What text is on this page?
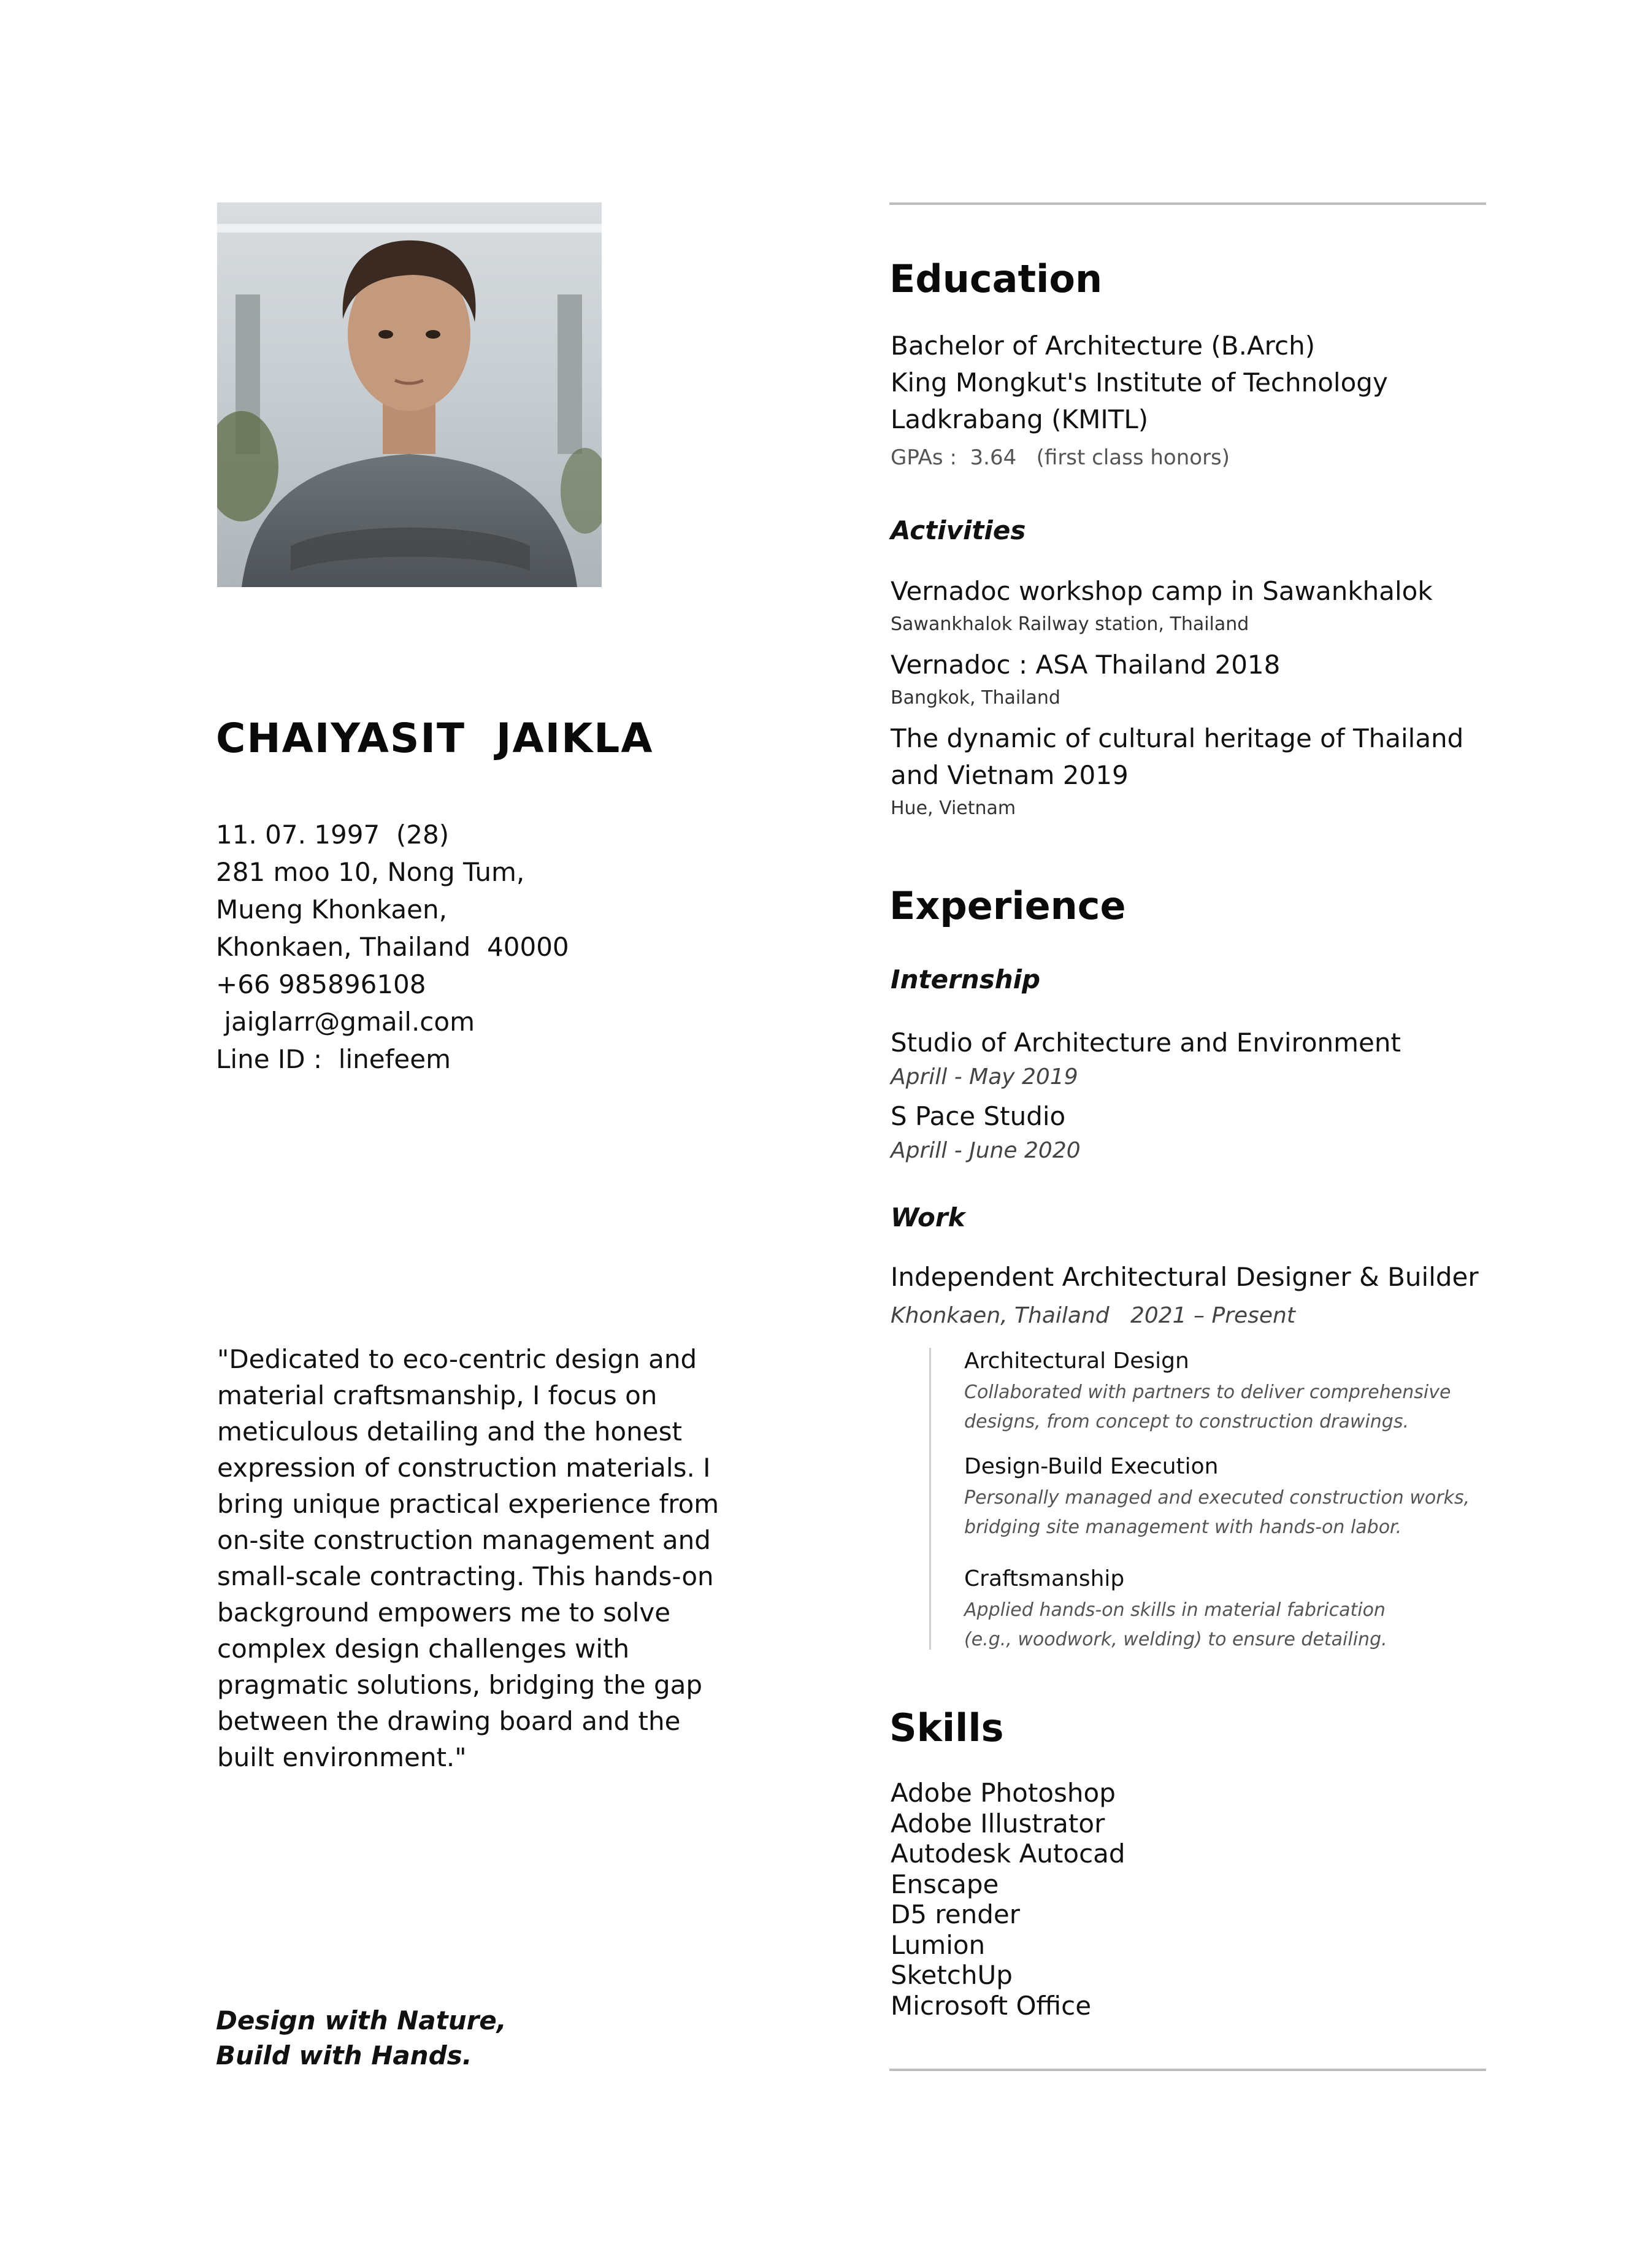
CHAIYASIT  JAIKLA
11. 07. 1997  (28)
281 moo 10, Nong Tum,
Mueng Khonkaen,
Khonkaen, Thailand  40000
+66 985896108
jaiglarr@gmail.com
Line ID :  linefeem

"Dedicated to eco-centric design and material craftsmanship, I focus on meticulous detailing and the honest expression of construction materials. I bring unique practical experience from on-site construction management and small-scale contracting. This hands-on background empowers me to solve complex design challenges with pragmatic solutions, bridging the gap between the drawing board and the built environment."

Design with Nature,
Build with Hands.
Education
Bachelor of Architecture (B.Arch)
King Mongkut's Institute of Technology
Ladkrabang (KMITL)
GPAs :  3.64   (first class honors)
Activities
Vernadoc workshop camp in Sawankhalok
Sawankhalok Railway station, Thailand
Vernadoc : ASA Thailand 2018
Bangkok, Thailand
The dynamic of cultural heritage of Thailand
and Vietnam 2019
Hue, Vietnam
Experience
Internship
Studio of Architecture and Environment
Aprill - May 2019
S Pace Studio
Aprill - June 2020
Work
Independent Architectural Designer & Builder
Khonkaen, Thailand   2021 – Present
Architectural Design
Collaborated with partners to deliver comprehensive
designs, from concept to construction drawings.
Design-Build Execution
Personally managed and executed construction works,
bridging site management with hands-on labor.
Craftsmanship
Applied hands-on skills in material fabrication
(e.g., woodwork, welding) to ensure detailing.
Skills
Adobe Photoshop
Adobe Illustrator
Autodesk Autocad
Enscape
D5 render
Lumion
SketchUp
Microsoft Office
